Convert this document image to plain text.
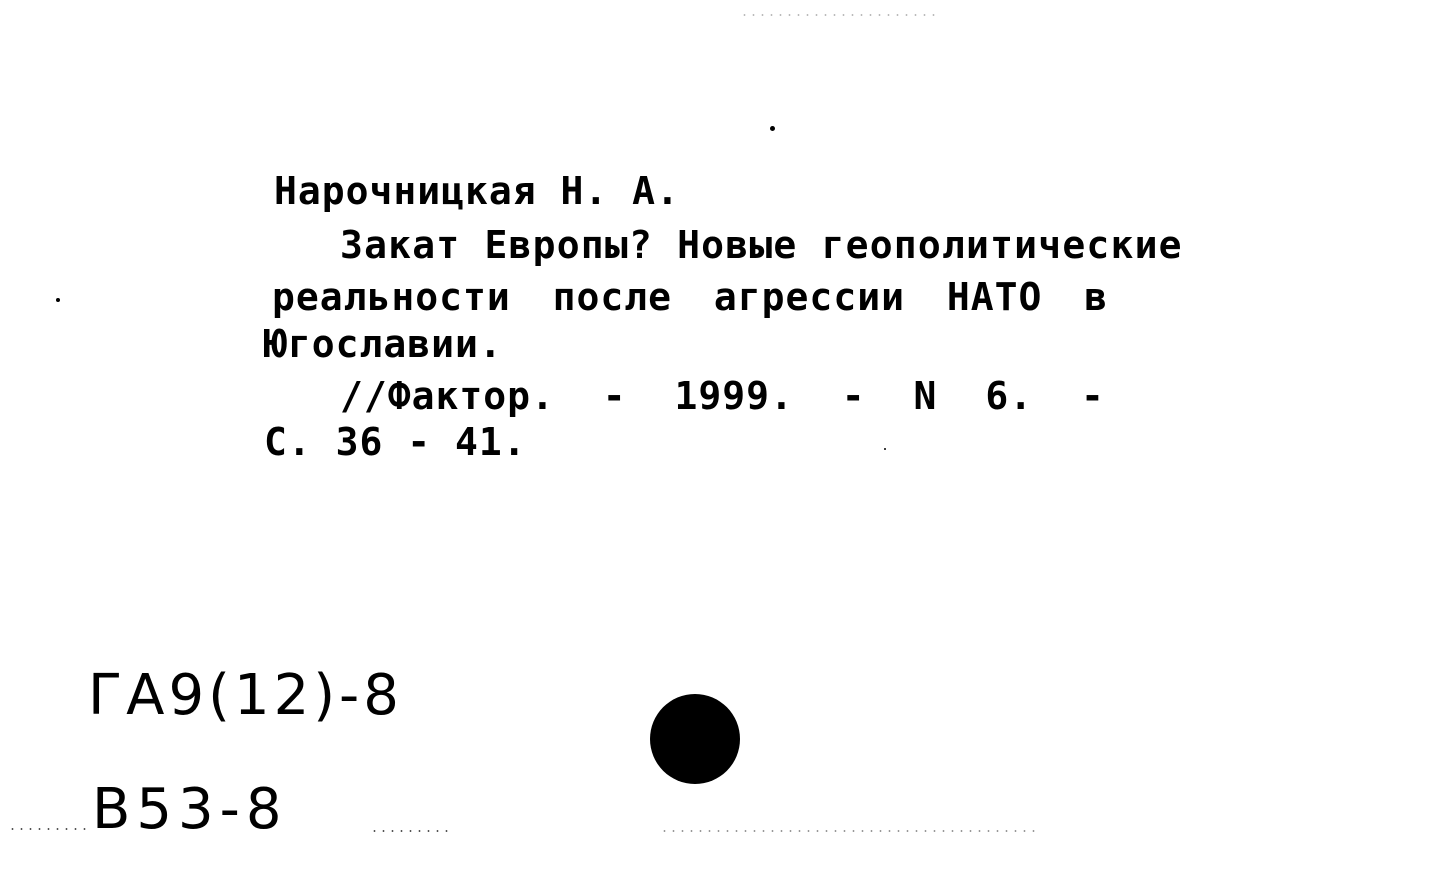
Нарочницкая Н. А.
Закат Европы? Новые геополитические
реальности после агрессии НАТО в
Югославии.
//Фактор. - 1999. - N 6. -
С. 36 - 41.
ГА9(12)-8
В53-8
